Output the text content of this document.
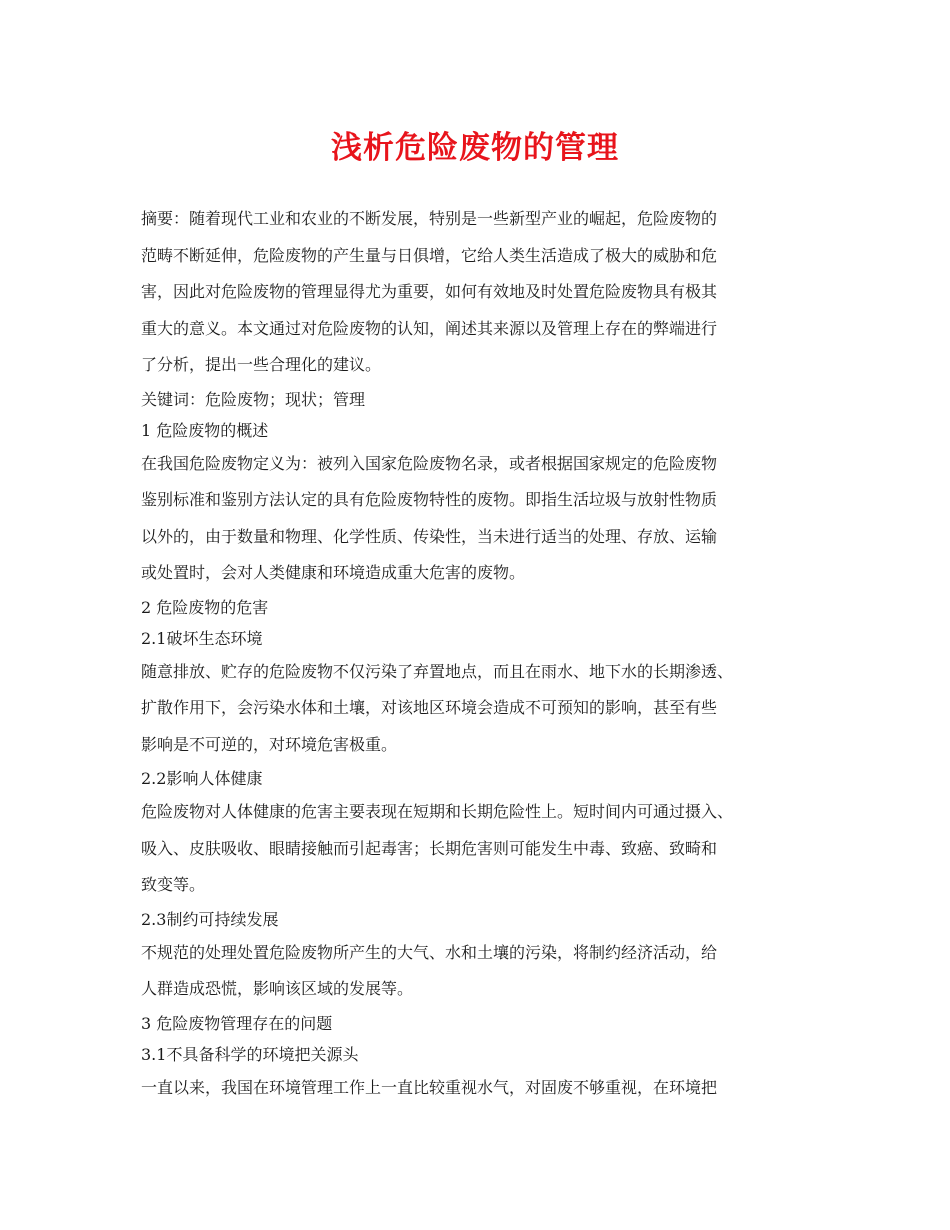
浅析危险废物的管理
摘要：随着现代工业和农业的不断发展，特别是一些新型产业的崛起，危险废物的
范畴不断延伸，危险废物的产生量与日俱增，它给人类生活造成了极大的威胁和危
害，因此对危险废物的管理显得尤为重要，如何有效地及时处置危险废物具有极其
重大的意义。本文通过对危险废物的认知，阐述其来源以及管理上存在的弊端进行
了分析，提出一些合理化的建议。
关键词：危险废物；现状；管理
1 危险废物的概述
在我国危险废物定义为：被列入国家危险废物名录，或者根据国家规定的危险废物
鉴别标准和鉴别方法认定的具有危险废物特性的废物。即指生活垃圾与放射性物质
以外的，由于数量和物理、化学性质、传染性，当未进行适当的处理、存放、运输
或处置时，会对人类健康和环境造成重大危害的废物。
2 危险废物的危害
2.1破坏生态环境
随意排放、贮存的危险废物不仅污染了弃置地点，而且在雨水、地下水的长期渗透、
扩散作用下，会污染水体和土壤，对该地区环境会造成不可预知的影响，甚至有些
影响是不可逆的，对环境危害极重。
2.2影响人体健康
危险废物对人体健康的危害主要表现在短期和长期危险性上。短时间内可通过摄入、
吸入、皮肤吸收、眼睛接触而引起毒害；长期危害则可能发生中毒、致癌、致畸和
致变等。
2.3制约可持续发展
不规范的处理处置危险废物所产生的大气、水和土壤的污染，将制约经济活动，给
人群造成恐慌，影响该区域的发展等。
3 危险废物管理存在的问题
3.1不具备科学的环境把关源头
一直以来，我国在环境管理工作上一直比较重视水气，对固废不够重视，在环境把
